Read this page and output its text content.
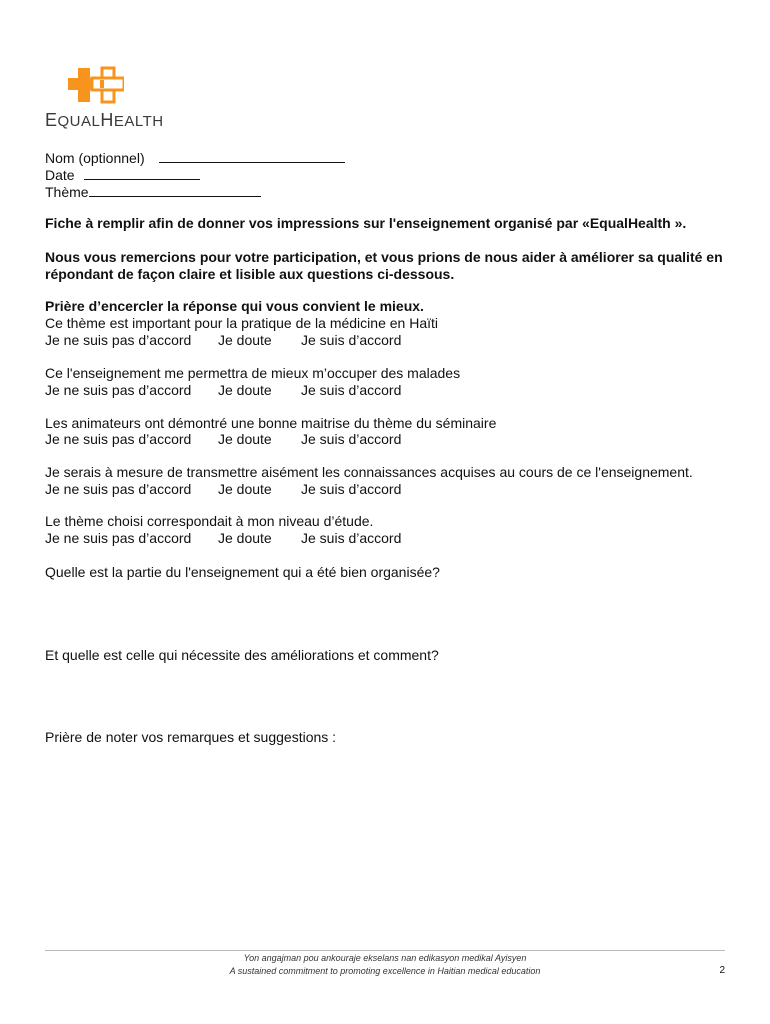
EQUALHEALTH
Nom (optionnel)
Date
Thème
Fiche à remplir afin de donner vos impressions sur l'enseignement organisé par «EqualHealth ».
Nous vous remercions pour votre participation, et vous prions de nous aider à améliorer sa qualité en
répondant de façon claire et lisible aux questions ci-dessous.
Prière d’encercler la réponse qui vous convient le mieux.
Ce thème est important pour la pratique de la médicine en Haïti
Je ne suis pas d’accord Je doute Je suis d’accord
Ce l'enseignement me permettra de mieux m’occuper des malades
Je ne suis pas d’accord Je doute Je suis d’accord
Les animateurs ont démontré une bonne maitrise du thème du séminaire
Je ne suis pas d’accord Je doute Je suis d’accord
Je serais à mesure de transmettre aisément les connaissances acquises au cours de ce l'enseignement.
Je ne suis pas d’accord Je doute Je suis d’accord
Le thème choisi correspondait à mon niveau d’étude.
Je ne suis pas d’accord Je doute Je suis d’accord
Quelle est la partie du l'enseignement qui a été bien organisée?
Et quelle est celle qui nécessite des améliorations et comment?
Prière de noter vos remarques et suggestions :
Yon angajman pou ankouraje ekselans nan edikasyon medikal Ayisyen
A sustained commitment to promoting excellence in Haitian medical education	2
